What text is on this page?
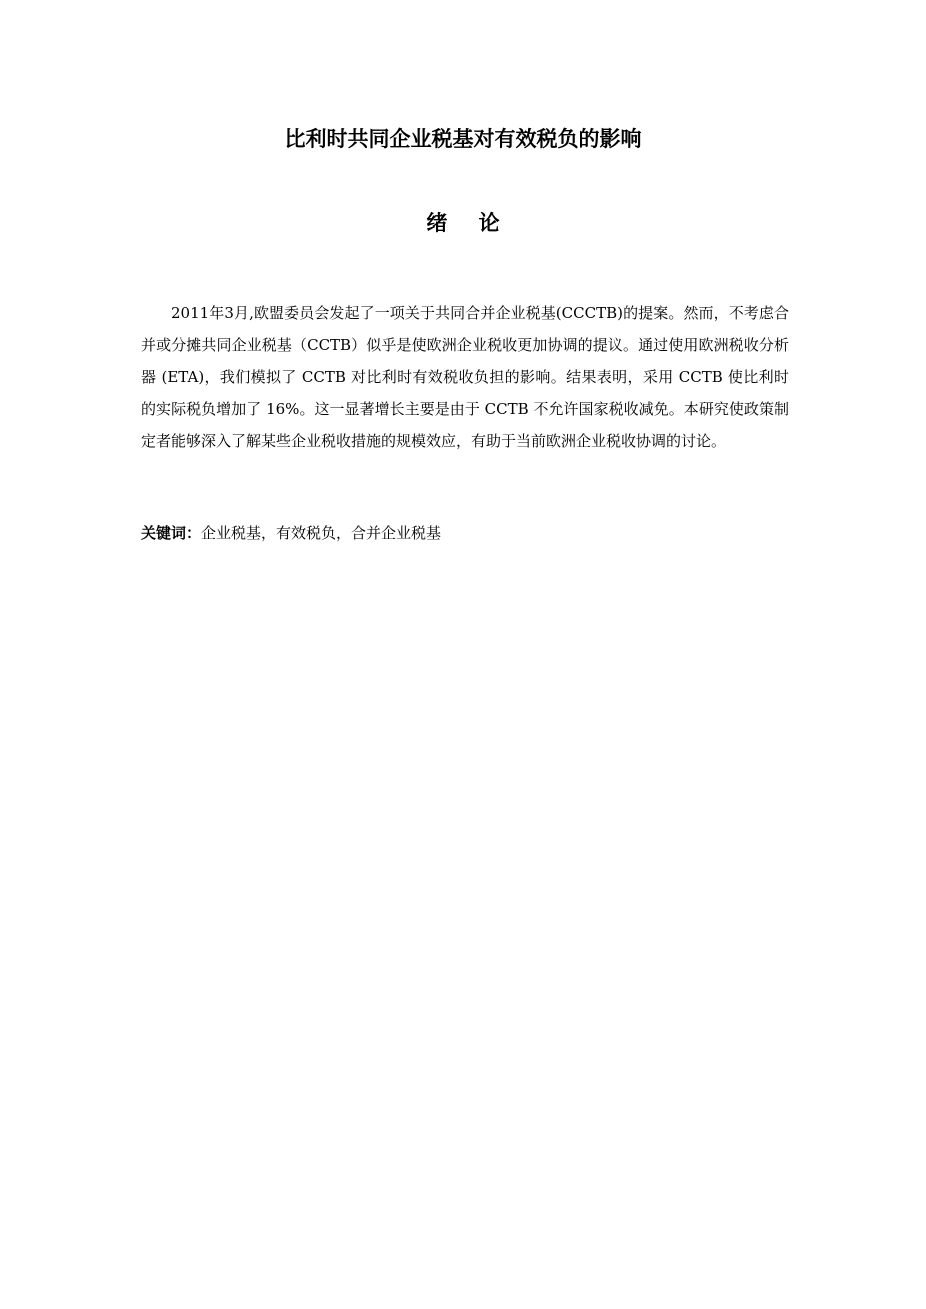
比利时共同企业税基对有效税负的影响
绪 论

2011年3月,欧盟委员会发起了一项关于共同合并企业税基(CCCTB)的提案。然而，不考虑合并或分摊共同企业税基（CCTB）似乎是使欧洲企业税收更加协调的提议。通过使用欧洲税收分析器 (ETA)，我们模拟了 CCTB 对比利时有效税收负担的影响。结果表明，采用 CCTB 使比利时的实际税负增加了 16%。这一显著增长主要是由于 CCTB 不允许国家税收减免。本研究使政策制定者能够深入了解某些企业税收措施的规模效应，有助于当前欧洲企业税收协调的讨论。

关键词：企业税基，有效税负，合并企业税基
